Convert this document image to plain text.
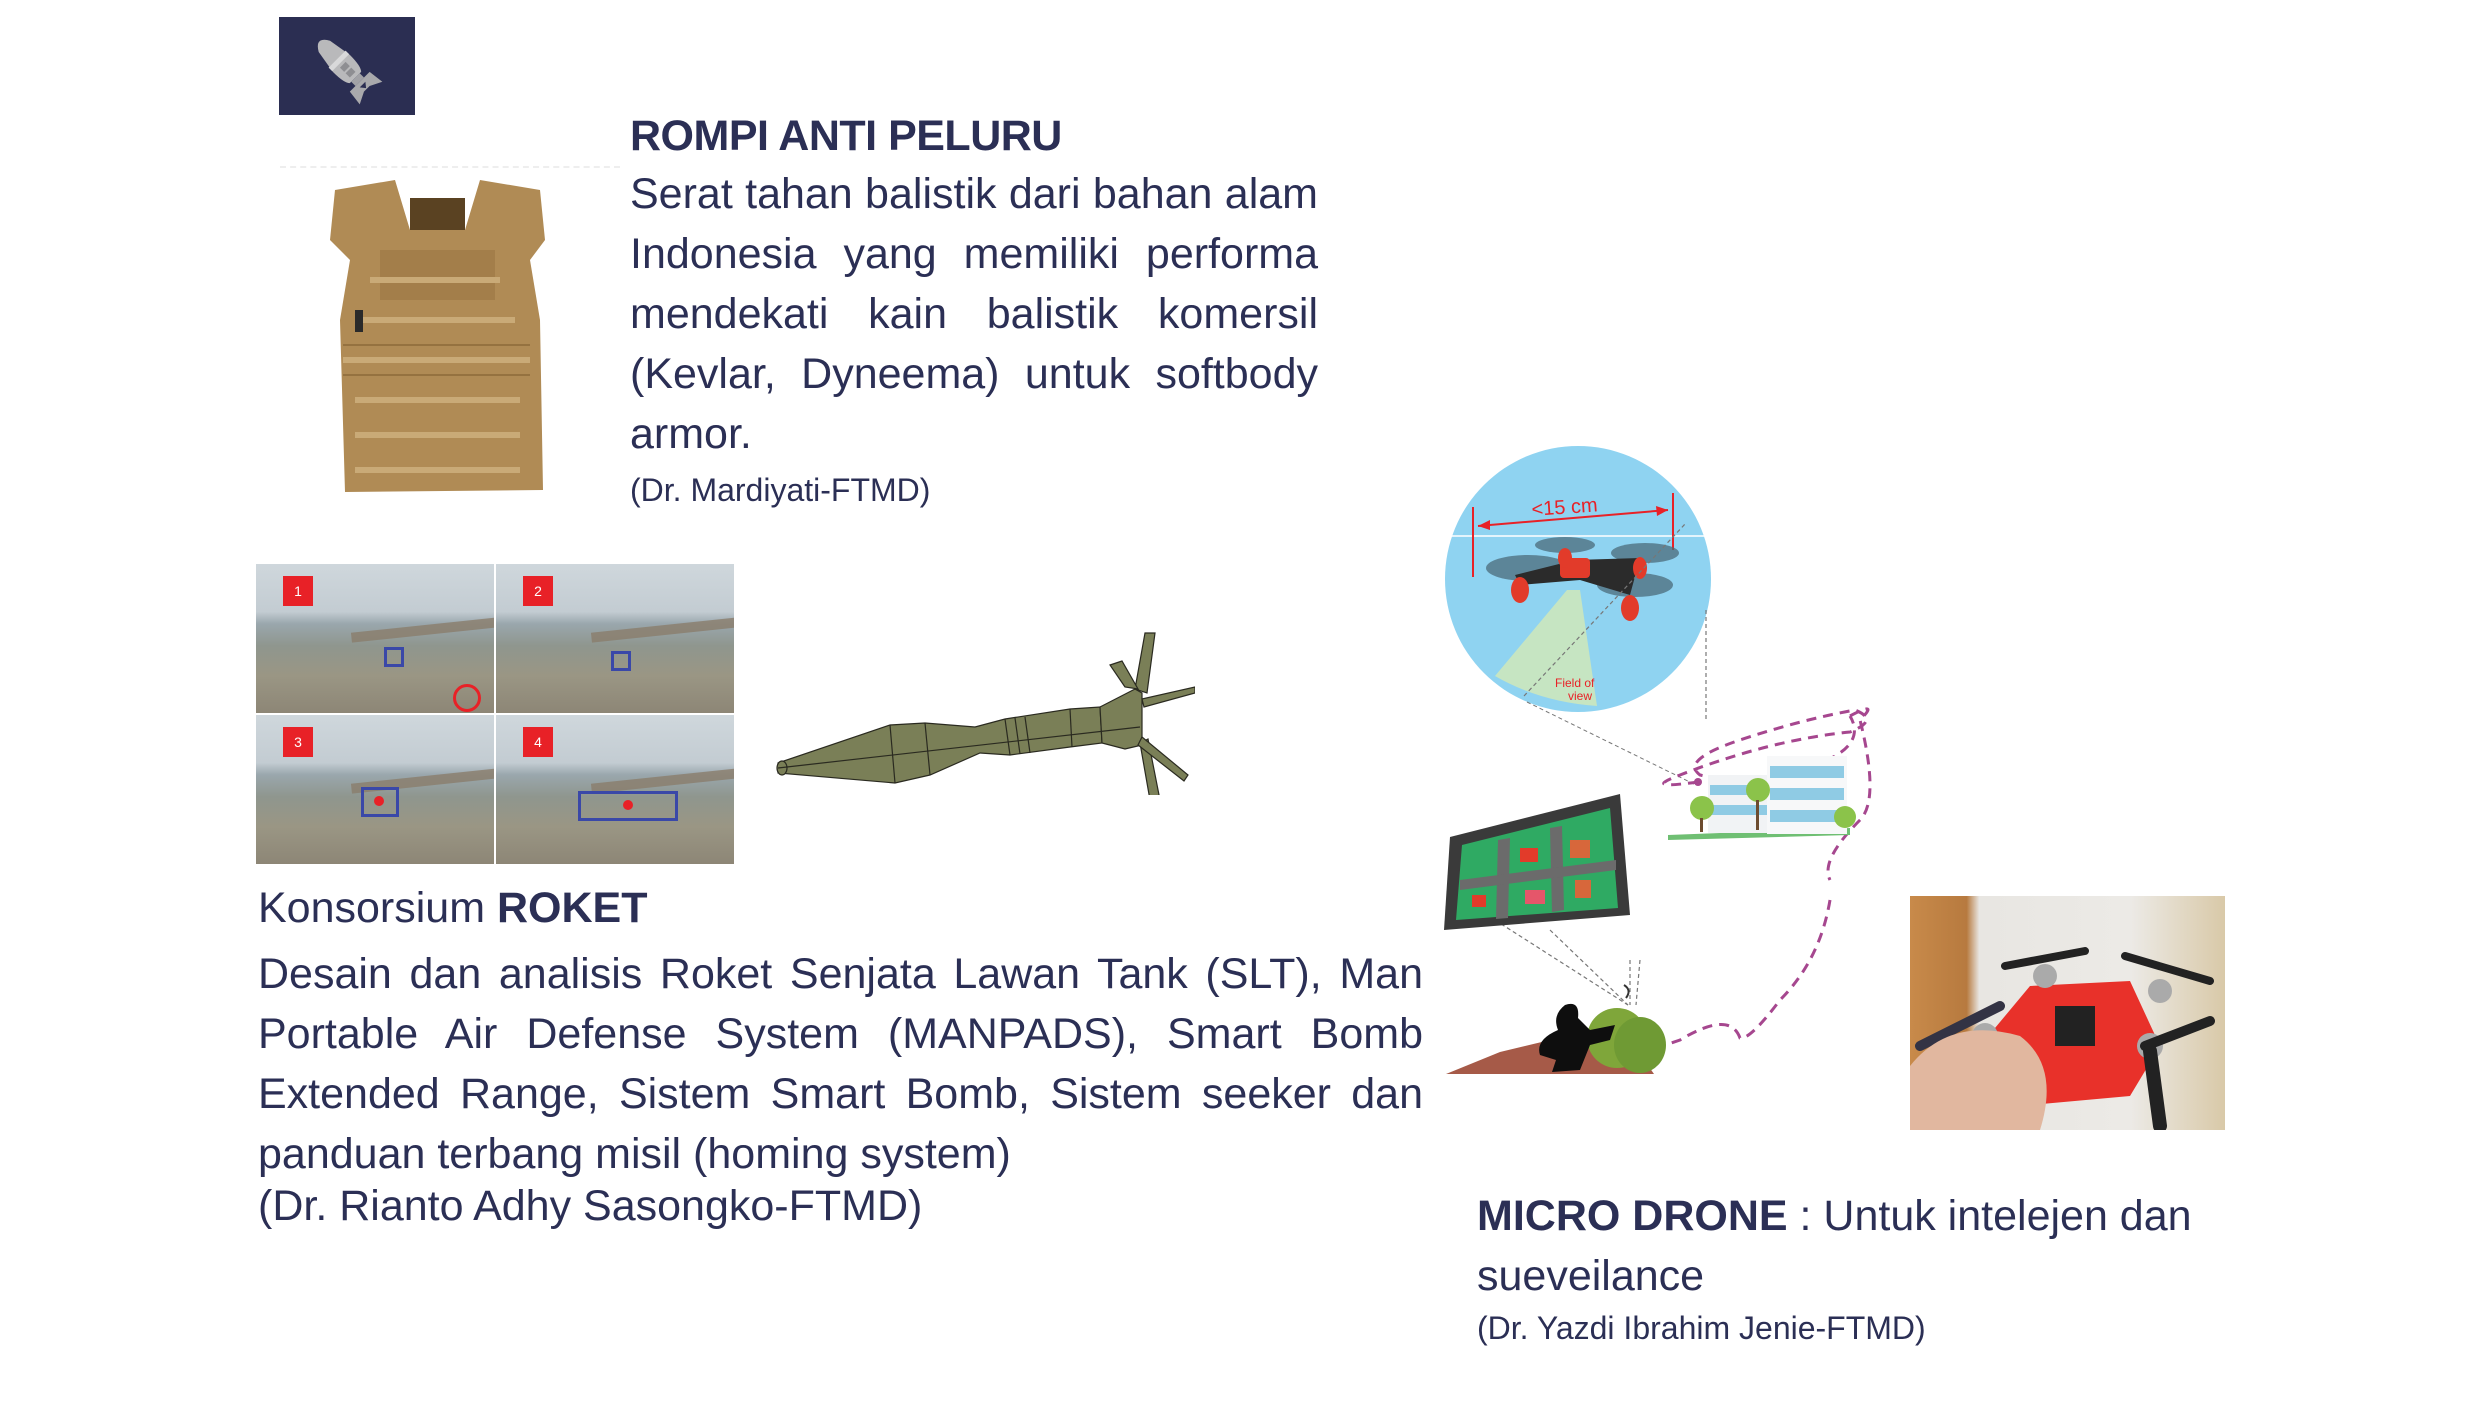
ROMPI ANTI PELURU
Serat tahan balistik dari bahan alam Indonesia yang memiliki performa mendekati kain balistik komersil (Kevlar, Dyneema) untuk softbody armor.
(Dr. Mardiyati-FTMD)
1	2
3	4
Konsorsium ROKET
Desain dan analisis Roket Senjata Lawan Tank (SLT), Man Portable Air Defense System (MANPADS), Smart Bomb Extended Range, Sistem Smart Bomb, Sistem seeker dan panduan terbang misil (homing system)
(Dr. Rianto Adhy Sasongko-FTMD)
Field of
view
<15 cm
MICRO DRONE : Untuk intelejen dan
sueveilance
(Dr. Yazdi Ibrahim Jenie-FTMD)
